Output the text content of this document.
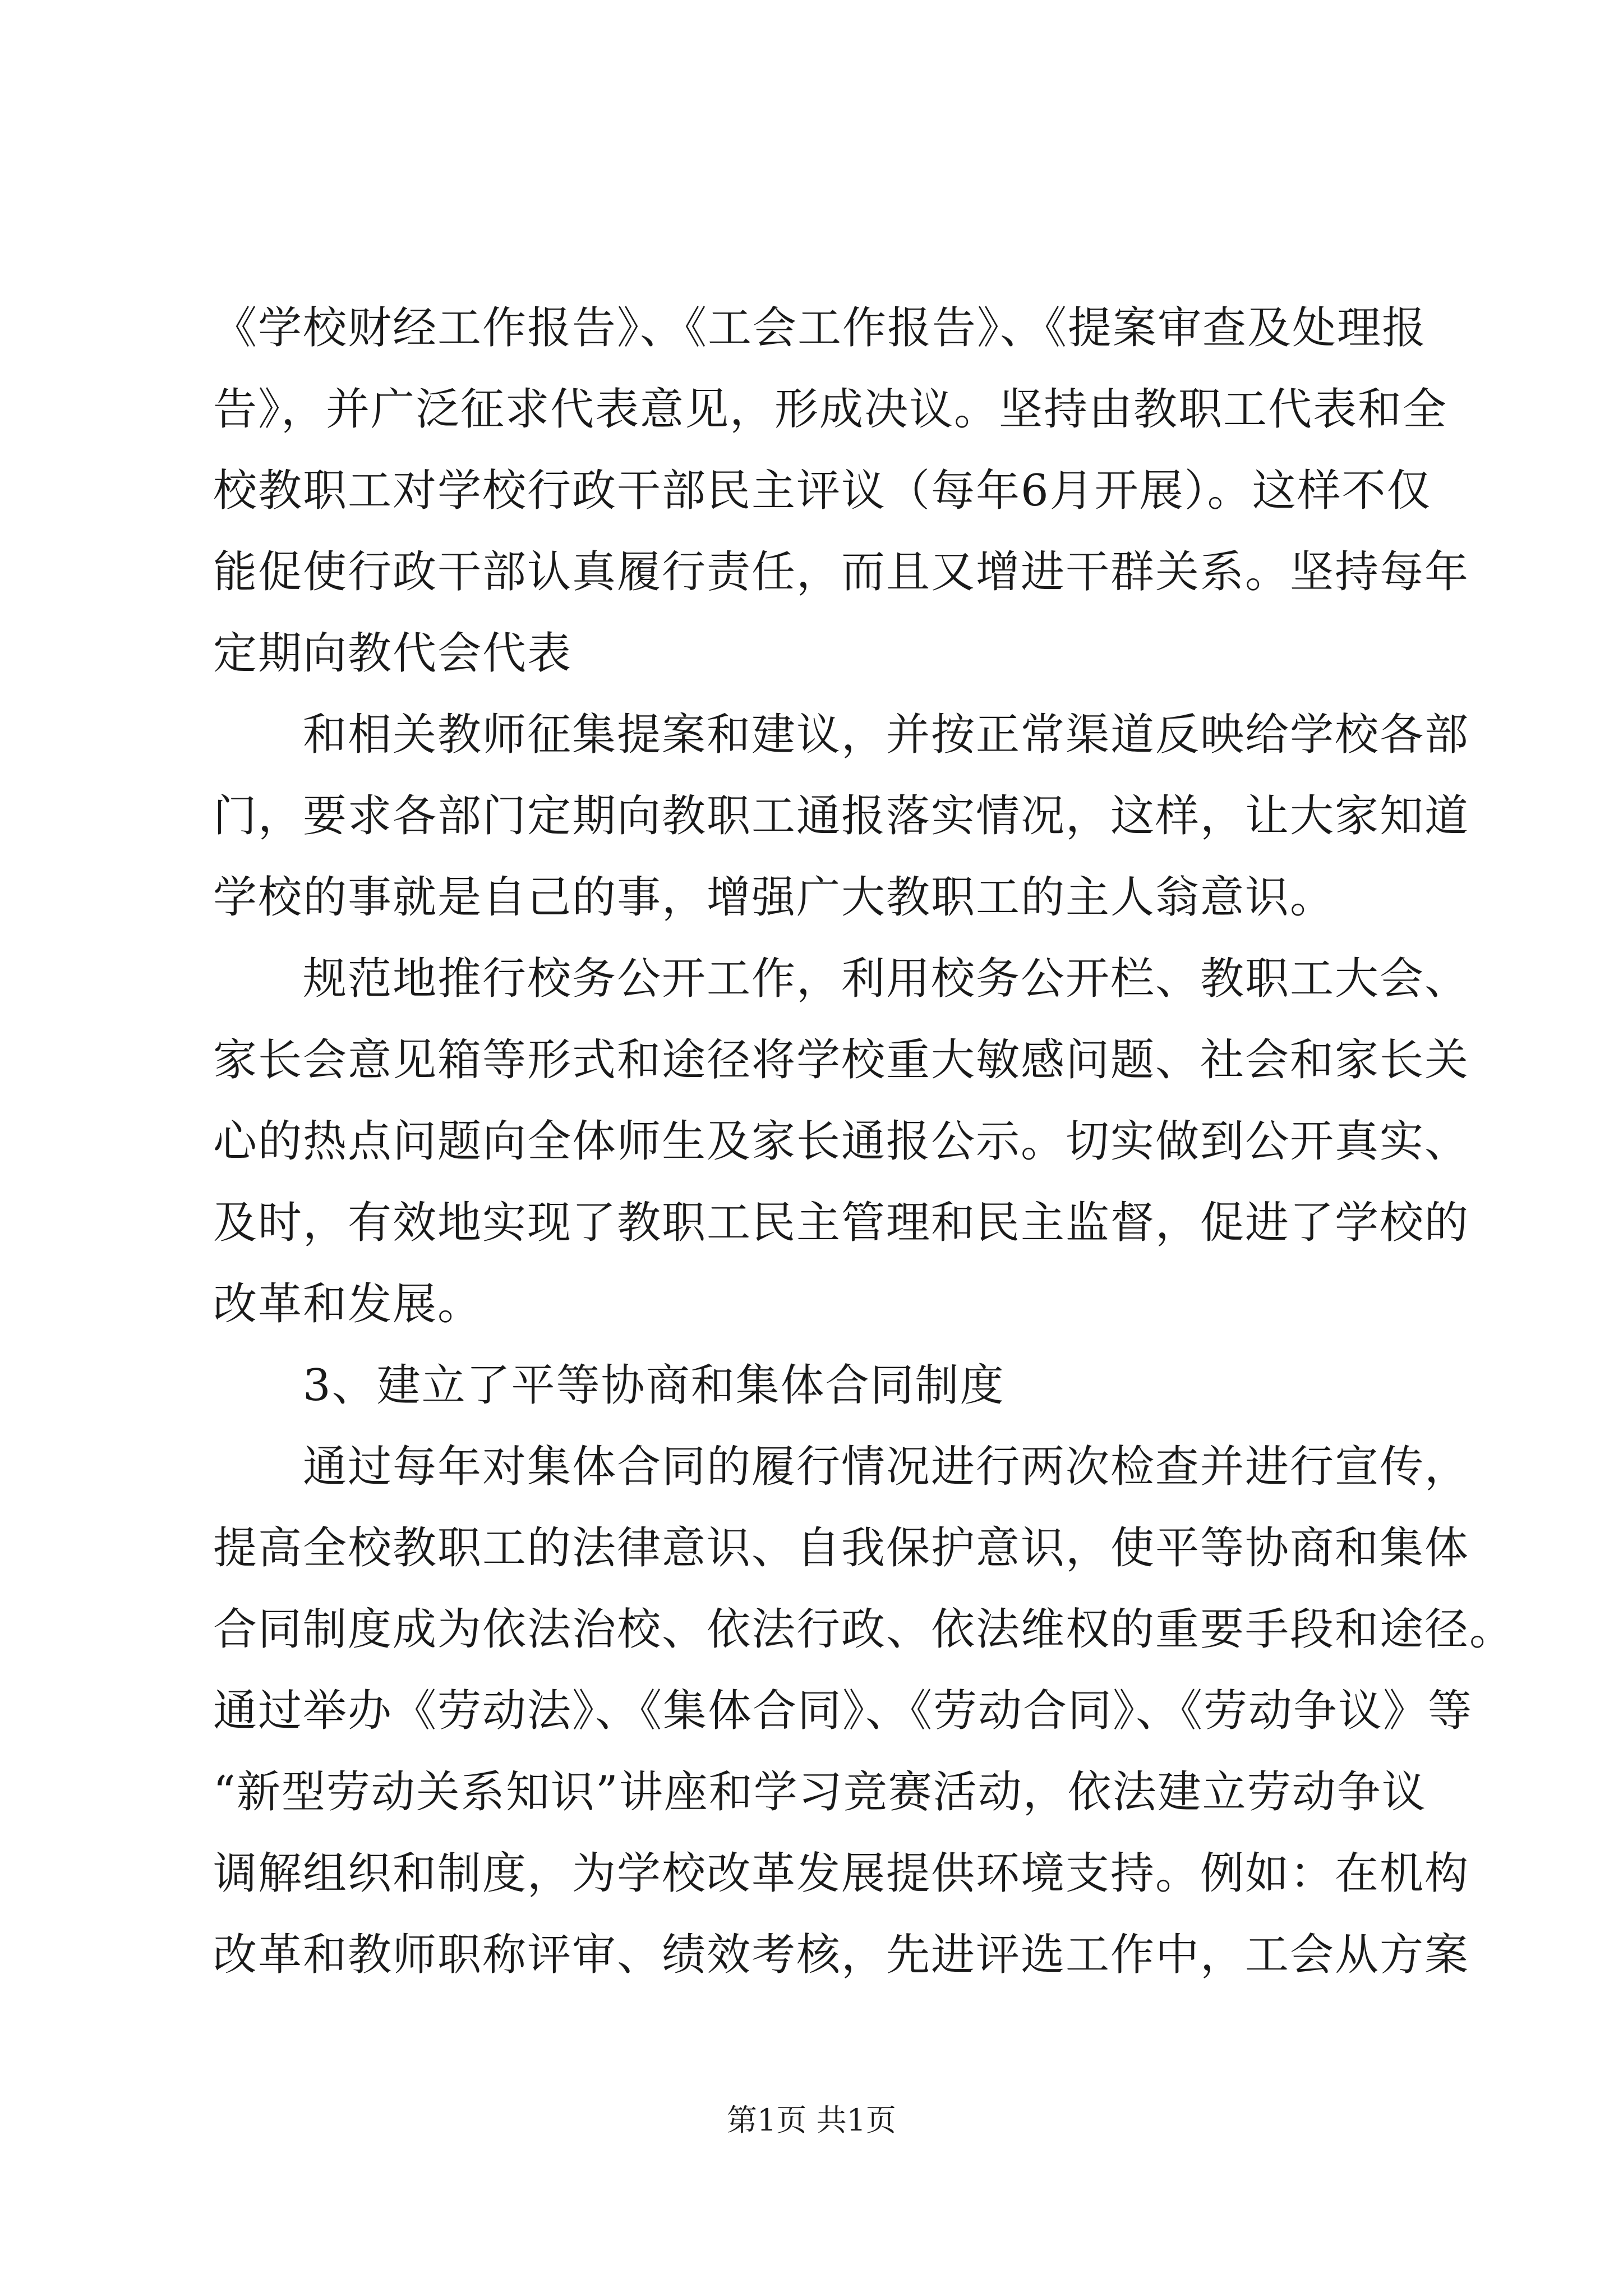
《学校财经工作报告》、《工会工作报告》、《提案审查及处理报
告》，并广泛征求代表意见，形成决议。坚持由教职工代表和全
校教职工对学校行政干部民主评议（每年6月开展）。这样不仅
能促使行政干部认真履行责任，而且又增进干群关系。坚持每年
定期向教代会代表
和相关教师征集提案和建议，并按正常渠道反映给学校各部
门，要求各部门定期向教职工通报落实情况，这样，让大家知道
学校的事就是自己的事，增强广大教职工的主人翁意识。
规范地推行校务公开工作，利用校务公开栏、教职工大会、
家长会意见箱等形式和途径将学校重大敏感问题、社会和家长关
心的热点问题向全体师生及家长通报公示。切实做到公开真实、
及时，有效地实现了教职工民主管理和民主监督，促进了学校的
改革和发展。
3、建立了平等协商和集体合同制度
通过每年对集体合同的履行情况进行两次检查并进行宣传，
提高全校教职工的法律意识、自我保护意识，使平等协商和集体
合同制度成为依法治校、依法行政、依法维权的重要手段和途径。
通过举办《劳动法》、《集体合同》、《劳动合同》、《劳动争议》等
“新型劳动关系知识”讲座和学习竞赛活动，依法建立劳动争议
调解组织和制度，为学校改革发展提供环境支持。例如：在机构
改革和教师职称评审、绩效考核，先进评选工作中，工会从方案
第1页 共1页
